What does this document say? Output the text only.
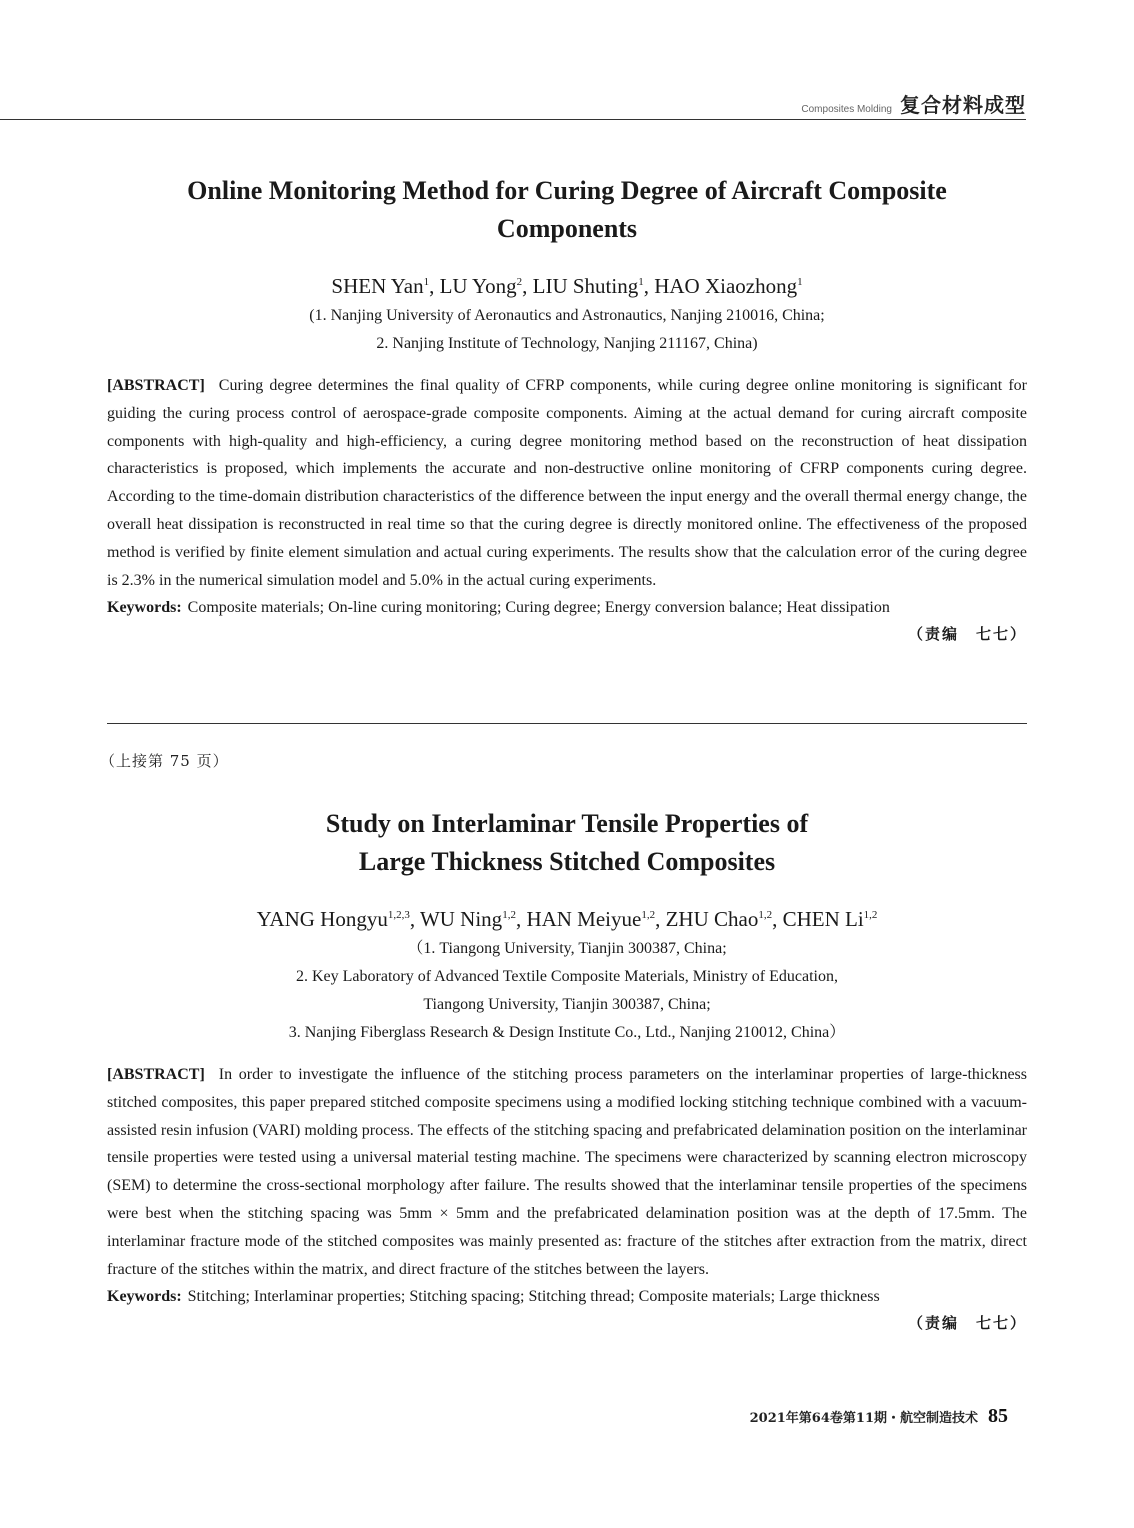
Composites Molding 复合材料成型
Online Monitoring Method for Curing Degree of Aircraft Composite
Components
SHEN Yan$^1$, LU Yong$^2$, LIU Shuting$^1$, HAO Xiaozhong$^1$
(1. Nanjing University of Aeronautics and Astronautics, Nanjing 210016, China;
2. Nanjing Institute of Technology, Nanjing 211167, China)

[ABSTRACT] Curing degree determines the final quality of CFRP components, while curing degree online monitoring is significant for guiding the curing process control of aerospace-grade composite components. Aiming at the actual demand for curing aircraft composite components with high-quality and high-efficiency, a curing degree monitoring method based on the reconstruction of heat dissipation characteristics is proposed, which implements the accurate and non-destructive online monitoring of CFRP components curing degree. According to the time-domain distribution characteristics of the difference between the input energy and the overall thermal energy change, the overall heat dissipation is reconstructed in real time so that the curing degree is directly monitored online. The effectiveness of the proposed method is verified by finite element simulation and actual curing experiments. The results show that the calculation error of the curing degree is 2.3% in the numerical simulation model and 5.0% in the actual curing experiments.

Keywords: Composite materials; On-line curing monitoring; Curing degree; Energy conversion balance; Heat dissipation
（责编　七七）
（上接第 75 页）
Study on Interlaminar Tensile Properties of
Large Thickness Stitched Composites
YANG Hongyu$^{1,2,3}$, WU Ning$^{1,2}$, HAN Meiyue$^{1,2}$, ZHU Chao$^{1,2}$, CHEN Li$^{1,2}$
（1. Tiangong University, Tianjin 300387, China;
2. Key Laboratory of Advanced Textile Composite Materials, Ministry of Education,
Tiangong University, Tianjin 300387, China;
3. Nanjing Fiberglass Research & Design Institute Co., Ltd., Nanjing 210012, China）

[ABSTRACT] In order to investigate the influence of the stitching process parameters on the interlaminar properties of large-thickness stitched composites, this paper prepared stitched composite specimens using a modified locking stitching technique combined with a vacuum-assisted resin infusion (VARI) molding process. The effects of the stitching spacing and prefabricated delamination position on the interlaminar tensile properties were tested using a universal material testing machine. The specimens were characterized by scanning electron microscopy (SEM) to determine the cross-sectional morphology after failure. The results showed that the interlaminar tensile properties of the specimens were best when the stitching spacing was 5mm × 5mm and the prefabricated delamination position was at the depth of 17.5mm. The interlaminar fracture mode of the stitched composites was mainly presented as: fracture of the stitches after extraction from the matrix, direct fracture of the stitches within the matrix, and direct fracture of the stitches between the layers.

Keywords: Stitching; Interlaminar properties; Stitching spacing; Stitching thread; Composite materials; Large thickness
（责编　七七）
2021年第64卷第11期・航空制造技术 85
